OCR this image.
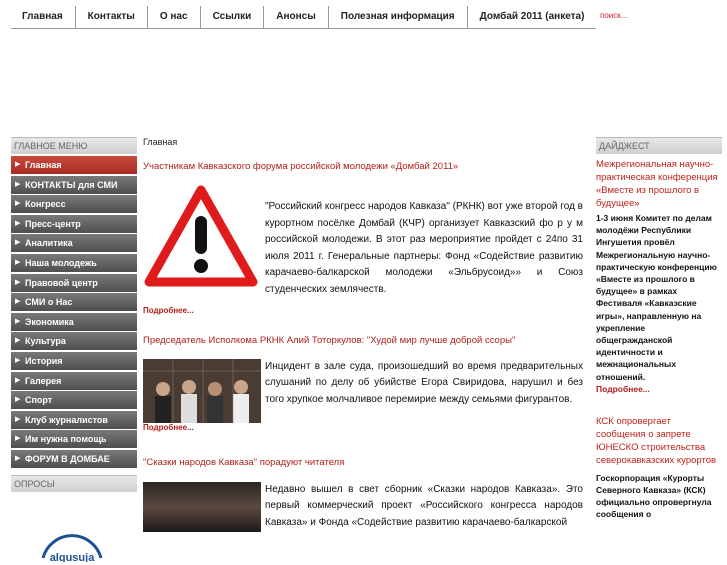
Главная	Контакты	О нас	Ссылки	Анонсы	Полезная информация	Домбай 2011 (анкета)	поиск...
ГЛАВНОЕ МЕНЮ
▶ Главная
▶ КОНТАКТЫ для СМИ
▶ Конгресс
▶ Пресс-центр
▶ Аналитика
▶ Наша молодежь
▶ Правовой центр
▶ СМИ о Нас
▶ Экономика
▶ Культура
▶ История
▶ Галерея
▶ Спорт
▶ Клуб журналистов
▶ Им нужна помощь
▶ ФОРУМ В ДОМБАЕ
ОПРОСЫ
algusuja
Главная
Участникам Кавказского форума российской молодежи «Домбай 2011»
"Российский конгресс народов Кавказа" (РКНК) вот уже второй год в курортном посёлке Домбай (КЧР) организует Кавказский фо р у м российской молодежи. В этот раз мероприятие пройдет с 24по 31 июля 2011 г. Генеральные партнеры: Фонд «Содействие развитию карачаево-балкарской молодежи «Эльбрусоид»» и Союз студенческих землячеств.
Подробнее...
Председатель Исполкома РКНК Алий Тоторкулов: "Худой мир лучше доброй ссоры"
Инцидент в зале суда, произошедший во время предварительных слушаний по делу об убийстве Егора Свиридова, нарушил и без того хрупкое молчаливое перемирие между семьями фигурантов.
Подробнее...
"Сказки народов Кавказа" порадуют читателя
Недавно вышел в свет сборник «Сказки народов Кавказа». Это первый коммерческий проект «Российского конгресса народов Кавказа» и Фонда «Содействие развитию карачаево-балкарской
ДАЙДЖЕСТ
Межрегиональная научно-практическая конференция «Вместе из прошлого в будущее»
1-3 июня Комитет по делам молодёжи Республики Ингушетия провёл Межрегиональную научно-практическую конференцию «Вместе из прошлого в будущее» в рамках Фестиваля «Кавказские игры», направленную на укрепление общегражданской идентичности и межнациональных отношений.
Подробнее...
КСК опровергает сообщения о запрете ЮНЕСКО строительства северокавказских курортов
Госкорпорация «Курорты Северного Кавказа» (КСК) официально опровергнула сообщения о
